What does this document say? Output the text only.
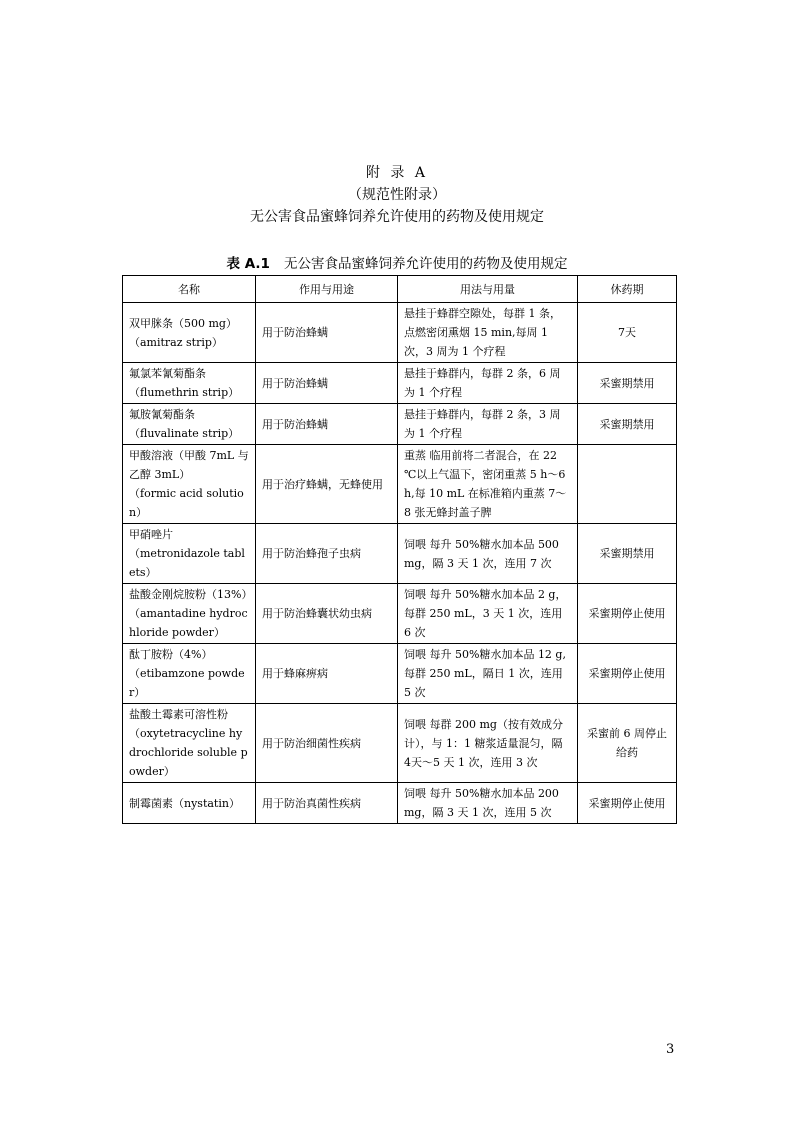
附 录 A
（规范性附录）
无公害食品蜜蜂饲养允许使用的药物及使用规定
表 A.1 无公害食品蜜蜂饲养允许使用的药物及使用规定
名称	作用与用途	用法与用量	休药期

双甲脒条（500 mg）
（amitraz strip）	用于防治蜂螨	悬挂于蜂群空隙处，每群 1 条，点燃密闭熏烟 15 min,每周 1 次，3 周为 1 个疗程	7天

氟氯苯氰菊酯条
（flumethrin strip）	用于防治蜂螨	悬挂于蜂群内，每群 2 条，6 周为 1 个疗程	采蜜期禁用

氟胺氰菊酯条
（fluvalinate strip）	用于防治蜂螨	悬挂于蜂群内，每群 2 条，3 周为 1 个疗程	采蜜期禁用

甲酸溶液（甲酸 7mL 与乙醇 3mL）
（formic acid solution）	用于治疗蜂螨，无蜂使用	重蒸 临用前将二者混合，在 22 ℃以上气温下，密闭重蒸 5 h～6 h,每 10 mL 在标准箱内重蒸 7～8 张无蜂封盖子脾	

甲硝唑片
（metronidazole tablets）	用于防治蜂孢子虫病	饲喂 每升 50%糖水加本品 500 mg，隔 3 天 1 次，连用 7 次	采蜜期禁用

盐酸金刚烷胺粉（13%）
（amantadine hydrochloride powder）	用于防治蜂囊状幼虫病	饲喂 每升 50%糖水加本品 2 g，每群 250 mL，3 天 1 次，连用 6 次	采蜜期停止使用

酞丁胺粉（4%）
（etibamzone powder）	用于蜂麻痹病	饲喂 每升 50%糖水加本品 12 g,每群 250 mL，隔日 1 次，连用 5 次	采蜜期停止使用

盐酸土霉素可溶性粉
（oxytetracycline hydrochloride soluble powder）	用于防治细菌性疾病	饲喂 每群 200 mg（按有效成分计），与 1：1 糖浆适量混匀，隔 4天～5 天 1 次，连用 3 次	采蜜前 6 周停止给药

制霉菌素（nystatin）	用于防治真菌性疾病	饲喂 每升 50%糖水加本品 200 mg，隔 3 天 1 次，连用 5 次	采蜜期停止使用
3
